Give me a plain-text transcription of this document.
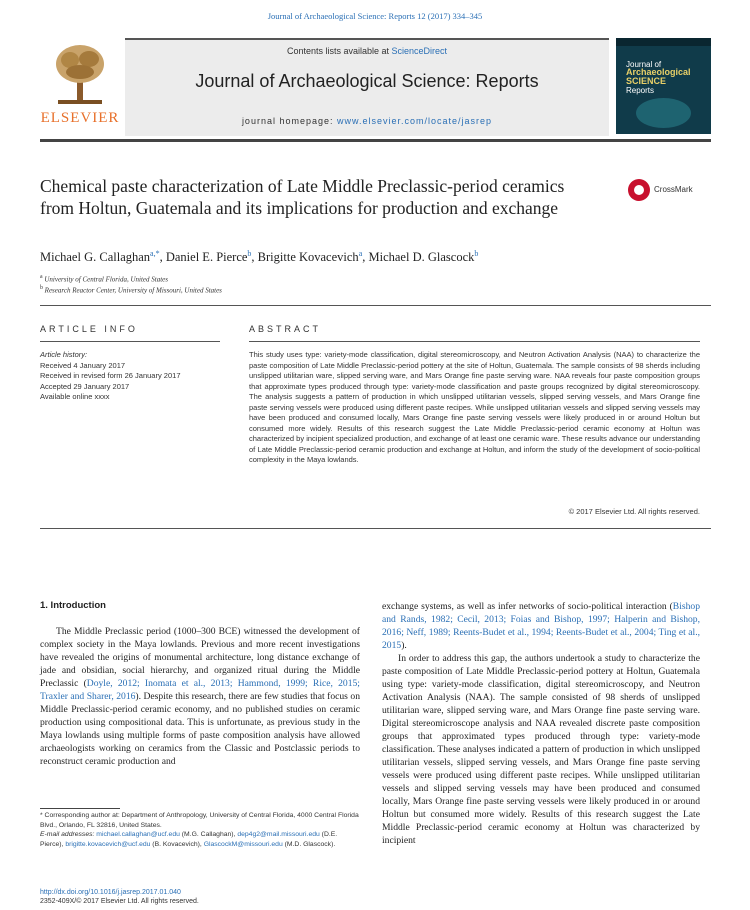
Journal of Archaeological Science: Reports 12 (2017) 334–345
ELSEVIER
Contents lists available at ScienceDirect
Journal of Archaeological Science: Reports
journal homepage: www.elsevier.com/locate/jasrep
Journal of
Archaeological SCIENCE
Reports
Chemical paste characterization of Late Middle Preclassic-period ceramics from Holtun, Guatemala and its implications for production and exchange
CrossMark
Michael G. Callaghan$^{a,*}$, Daniel E. Pierce$^b$, Brigitte Kovacevich$^a$, Michael D. Glascock$^b$
$^a$ University of Central Florida, United States
$^b$ Research Reactor Center, University of Missouri, United States
ARTICLE INFO	ABSTRACT
Article history:
Received 4 January 2017
Received in revised form 26 January 2017
Accepted 29 January 2017
Available online xxxx
This study uses type: variety-mode classification, digital stereomicroscopy, and Neutron Activation Analysis (NAA) to characterize the paste composition of Late Middle Preclassic-period pottery at the site of Holtun, Guatemala. The sample consists of 98 sherds including unslipped utilitarian ware, slipped serving ware, and Mars Orange fine paste serving ware. NAA reveals four paste composition groups that approximate types produced through type: variety-mode classification and paste groups recognized by digital stereomicroscopy. The analysis suggests a pattern of production in which unslipped utilitarian vessels, slipped serving vessels, and Mars Orange fine paste serving vessels were produced using different paste recipes. While unslipped utilitarian vessels and slipped serving vessels may have been produced and consumed locally, Mars Orange fine paste serving vessels were likely produced in or around Holtun but consumed more widely. Results of this research suggest the Late Middle Preclassic-period ceramic economy at Holtun was characterized by incipient specialized production, and exchange of at least one ceramic ware. These results advance our understanding of Late Middle Preclassic-period ceramic production and exchange at Holtun, and inform the study of the development of socio-political complexity in the Maya lowlands.
© 2017 Elsevier Ltd. All rights reserved.
1. Introduction

The Middle Preclassic period (1000–300 BCE) witnessed the development of complex society in the Maya lowlands. Previous and more recent investigations have revealed the origins of monumental architecture, long distance exchange of jade and obsidian, social hierarchy, and organized ritual during the Middle Preclassic (Doyle, 2012; Inomata et al., 2013; Hammond, 1999; Rice, 2015; Traxler and Sharer, 2016). Despite this research, there are few studies that focus on Middle Preclassic-period ceramic economy, and no published studies on ceramic production using compositional data. This is unfortunate, as previous study in the Maya lowlands using multiple forms of paste composition analysis have allowed archaeologists working on ceramics from the Classic and Postclassic periods to reconstruct ceramic production and

exchange systems, as well as infer networks of socio-political interaction (Bishop and Rands, 1982; Cecil, 2013; Foias and Bishop, 1997; Halperin and Bishop, 2016; Neff, 1989; Reents-Budet et al., 1994; Reents-Budet et al., 2004; Ting et al., 2015).

In order to address this gap, the authors undertook a study to characterize the paste composition of Late Middle Preclassic-period pottery at Holtun, Guatemala using type: variety-mode classification, digital stereomicroscopy, and Neutron Activation Analysis (NAA). The sample consisted of 98 sherds of unslipped utilitarian ware, slipped serving ware, and Mars Orange fine paste serving ware. Digital stereomicroscope analysis and NAA revealed discrete paste composition groups that approximated types produced through type: variety-mode classification. These analyses indicated a pattern of production in which unslipped utilitarian vessels, slipped serving vessels, and Mars Orange fine paste serving vessels were produced using different paste recipes. While unslipped utilitarian vessels and slipped serving vessels may have been produced and consumed locally, Mars Orange fine paste serving vessels were likely produced in or around Holtun but consumed more widely. Results of this research suggest the Late Middle Preclassic-period ceramic economy at Holtun was characterized by incipient

* Corresponding author at: Department of Anthropology, University of Central Florida, 4000 Central Florida Blvd., Orlando, FL 32816, United States.
E-mail addresses: michael.callaghan@ucf.edu (M.G. Callaghan), dep4g2@mail.missouri.edu (D.E. Pierce), brigitte.kovacevich@ucf.edu (B. Kovacevich), GlascockM@missouri.edu (M.D. Glascock).
http://dx.doi.org/10.1016/j.jasrep.2017.01.040
2352-409X/© 2017 Elsevier Ltd. All rights reserved.
